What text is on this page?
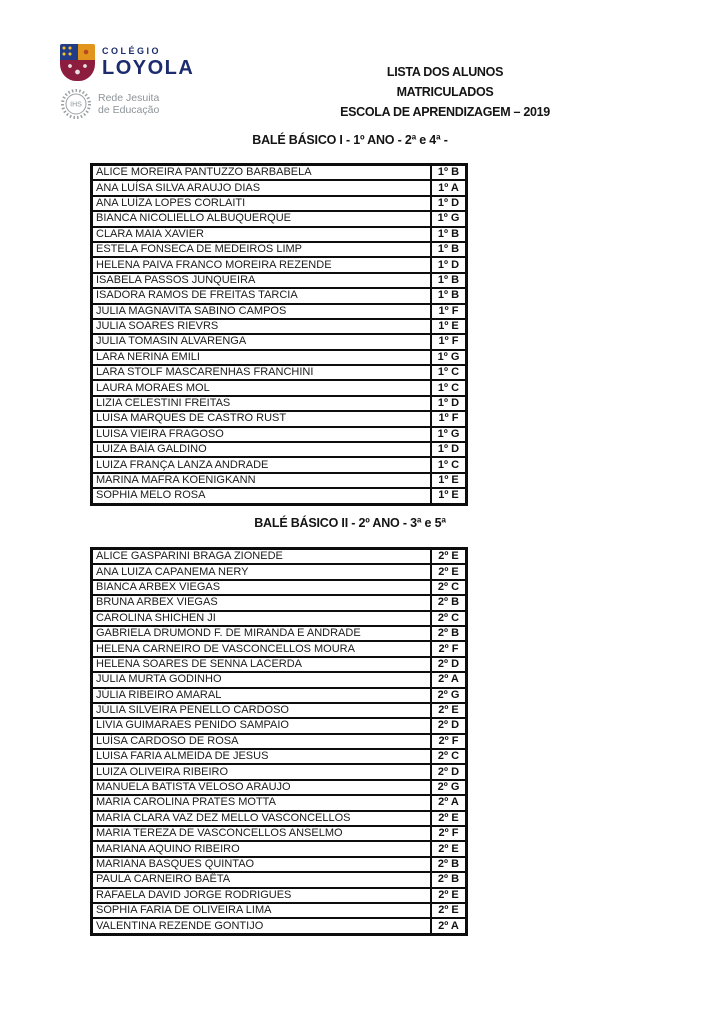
COLÉGIO
LOYOLA
IHS
Rede Jesuita
de Educação
LISTA DOS ALUNOS MATRICULADOS
ESCOLA DE APRENDIZAGEM – 2019
BALÉ BÁSICO I - 1º ANO - 2ª e 4ª -
ALICE MOREIRA PANTUZZO BARBABELA	1º B
ANA LUÍSA SILVA ARAUJO DIAS	1º A
ANA LUÍZA LOPES CORLAITI	1º D
BIANCA NICOLIELLO ALBUQUERQUE	1º G
CLARA MAIA XAVIER	1º B
ESTELA FONSECA DE MEDEIROS LIMP	1º B
HELENA PAIVA FRANCO MOREIRA REZENDE	1º D
ISABELA PASSOS JUNQUEIRA	1º B
ISADORA RAMOS DE FREITAS TARCIA	1º B
JULIA MAGNAVITA SABINO CAMPOS	1º F
JULIA SOARES RIEVRS	1º E
JULIA TOMASIN ALVARENGA	1º F
LARA NERINA EMILI	1º G
LARA STOLF MASCARENHAS FRANCHINI	1º C
LAURA MORAES MOL	1º C
LIZIA CELESTINI FREITAS	1º D
LUISA MARQUES DE CASTRO RUST	1º F
LUISA VIEIRA FRAGOSO	1º G
LUIZA BAÍA GALDINO	1º D
LUIZA FRANÇA LANZA ANDRADE	1º C
MARINA MAFRA KOENIGKANN	1º E
SOPHIA MELO ROSA	1º E
BALÉ BÁSICO II - 2º ANO - 3ª e 5ª
ALICE GASPARINI BRAGA ZIONEDE	2º E
ANA LUIZA CAPANEMA NERY	2º E
BIANCA ARBEX VIEGAS	2º C
BRUNA ARBEX VIEGAS	2º B
CAROLINA SHICHEN JI	2º C
GABRIELA DRUMOND F. DE MIRANDA E ANDRADE	2º B
HELENA CARNEIRO DE VASCONCELLOS MOURA	2º F
HELENA SOARES DE SENNA LACERDA	2º D
JULIA MURTA GODINHO	2º A
JÚLIA RIBEIRO AMARAL	2º G
JÚLIA SILVEIRA PENELLO CARDOSO	2º E
LIVIA GUIMARAES PENIDO SAMPAIO	2º D
LUÍSA CARDOSO DE ROSA	2º F
LUISA FARIA ALMEIDA DE JESUS	2º C
LUIZA OLIVEIRA RIBEIRO	2º D
MANUELA BATISTA VELOSO ARAUJO	2º G
MARIA CAROLINA PRATES MOTTA	2º A
MARIA CLARA VAZ DEZ MELLO VASCONCELLOS	2º E
MARIA TEREZA DE VASCONCELLOS ANSELMO	2º F
MARIANA AQUINO RIBEIRO	2º E
MARIANA BASQUES QUINTAO	2º B
PAULA CARNEIRO BAÊTA	2º B
RAFAELA DAVID JORGE RODRIGUES	2º E
SOPHIA FARIA DE OLIVEIRA LIMA	2º E
VALENTINA REZENDE GONTIJO	2º A
